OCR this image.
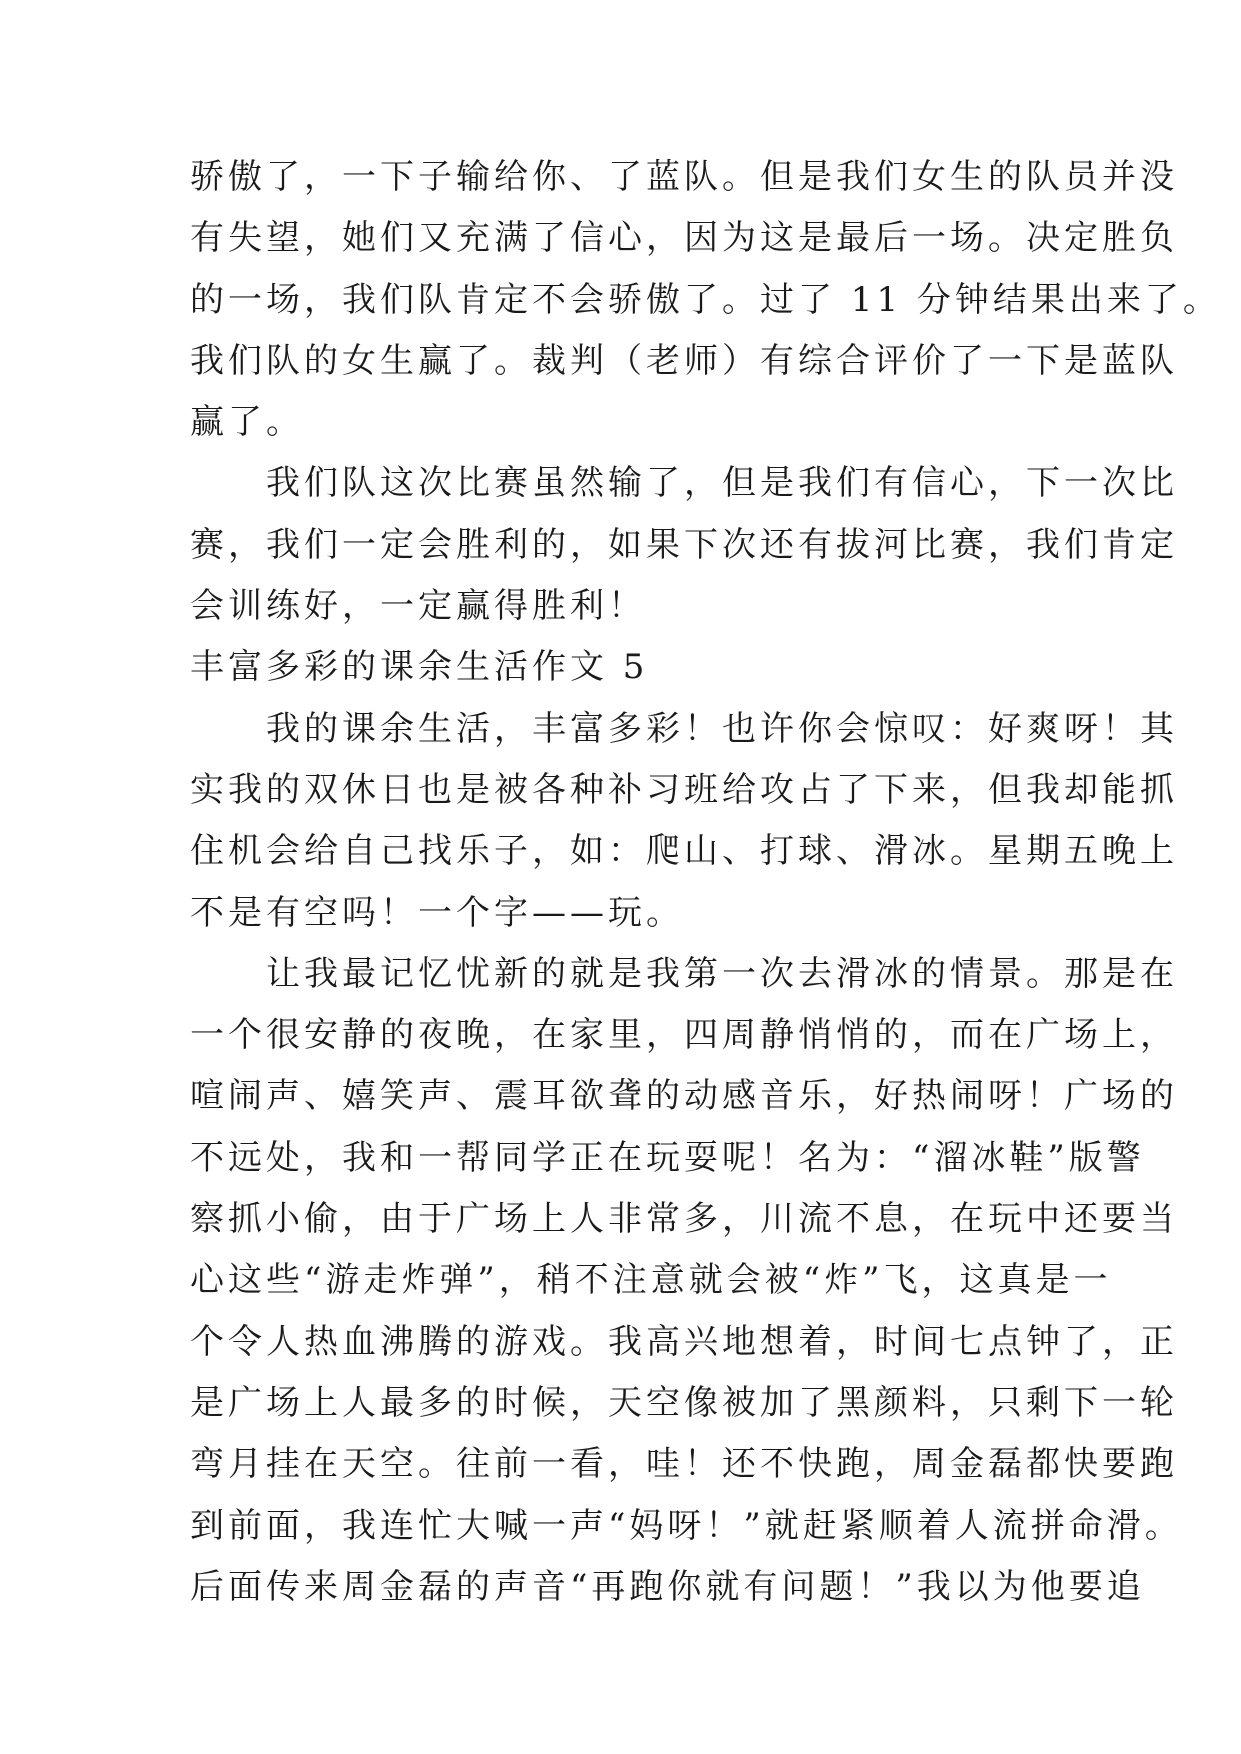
骄傲了，一下子输给你、了蓝队。但是我们女生的队员并没
有失望，她们又充满了信心，因为这是最后一场。决定胜负
的一场，我们队肯定不会骄傲了。过了 11 分钟结果出来了。
我们队的女生赢了。裁判（老师）有综合评价了一下是蓝队
赢了。
　　我们队这次比赛虽然输了，但是我们有信心，下一次比
赛，我们一定会胜利的，如果下次还有拔河比赛，我们肯定
会训练好，一定赢得胜利！
丰富多彩的课余生活作文 5
　　我的课余生活，丰富多彩！也许你会惊叹：好爽呀！其
实我的双休日也是被各种补习班给攻占了下来，但我却能抓
住机会给自己找乐子，如：爬山、打球、滑冰。星期五晚上
不是有空吗！一个字——玩。
　　让我最记忆忧新的就是我第一次去滑冰的情景。那是在
一个很安静的夜晚，在家里，四周静悄悄的，而在广场上，
喧闹声、嬉笑声、震耳欲聋的动感音乐，好热闹呀！广场的
不远处，我和一帮同学正在玩耍呢！名为：“溜冰鞋”版警
察抓小偷，由于广场上人非常多，川流不息，在玩中还要当
心这些“游走炸弹”，稍不注意就会被“炸”飞，这真是一
个令人热血沸腾的游戏。我高兴地想着，时间七点钟了，正
是广场上人最多的时候，天空像被加了黑颜料，只剩下一轮
弯月挂在天空。往前一看，哇！还不快跑，周金磊都快要跑
到前面，我连忙大喊一声“妈呀！”就赶紧顺着人流拼命滑。
后面传来周金磊的声音“再跑你就有问题！”我以为他要追
